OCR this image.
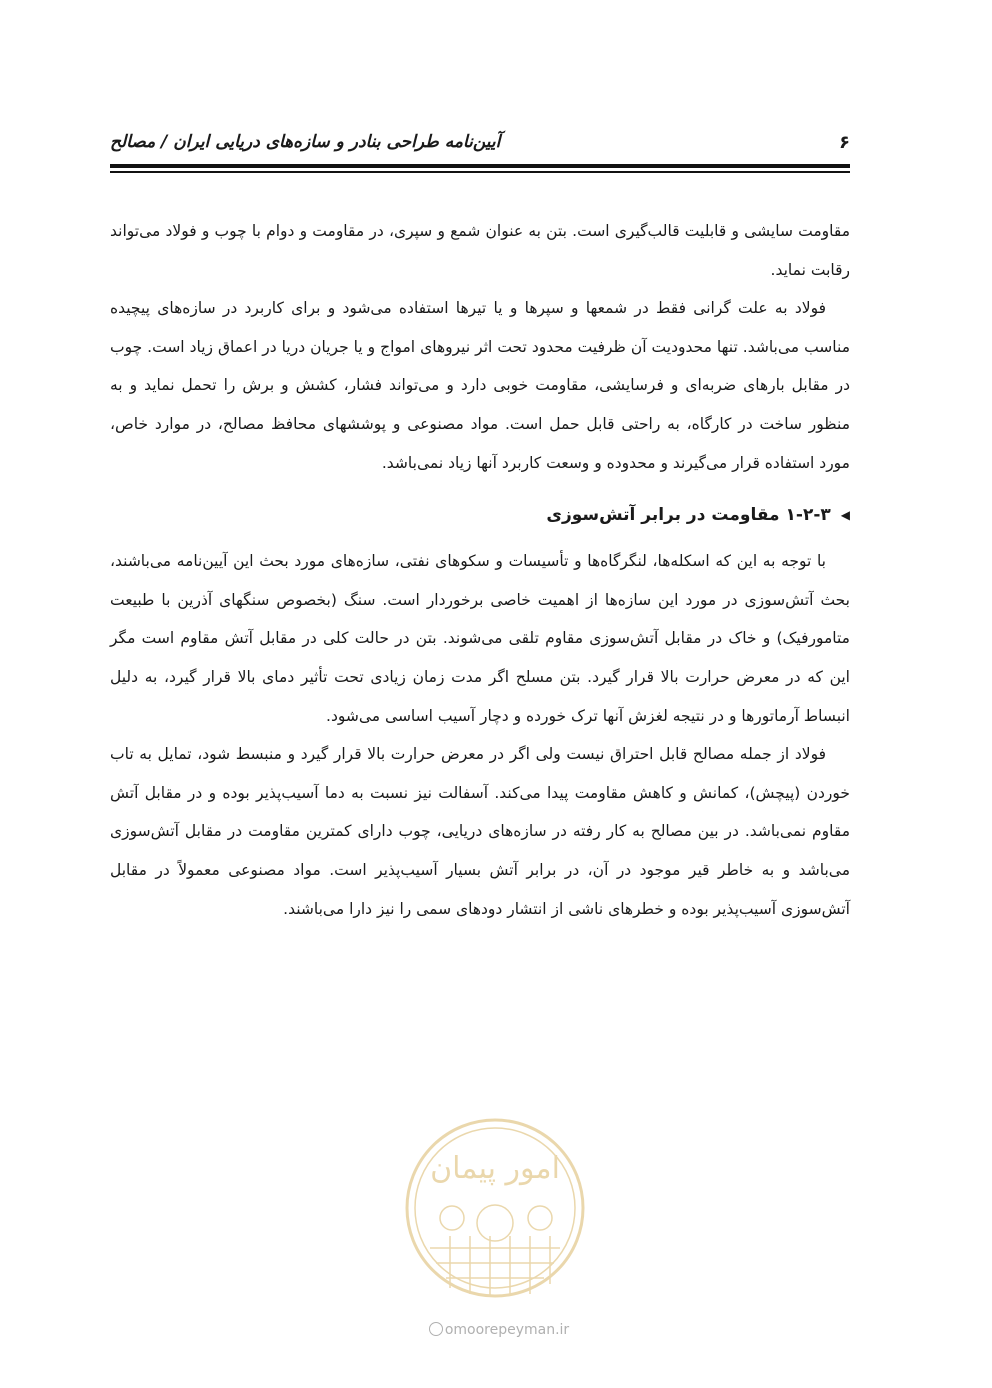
۶
آیین‌نامه طراحی بنادر و سازه‌های دریایی ایران / مصالح

مقاومت سایشی و قابلیت قالب‌گیری است. بتن به عنوان شمع و سپری، در مقاومت و دوام با چوب و فولاد می‌تواند رقابت نماید.

فولاد به علت گرانی فقط در شمعها و سپرها و یا تیرها استفاده می‌شود و برای کاربرد در سازه‌های پیچیده مناسب می‌باشد. تنها محدودیت آن ظرفیت محدود تحت اثر نیروهای امواج و یا جریان دریا در اعماق زیاد است. چوب در مقابل بارهای ضربه‌ای و فرسایشی، مقاومت خوبی دارد و می‌تواند فشار، کشش و برش را تحمل نماید و به منظور ساخت در کارگاه، به راحتی قابل حمل است. مواد مصنوعی و پوششهای محافظ مصالح، در موارد خاص، مورد استفاده قرار می‌گیرند و محدوده و وسعت کاربرد آنها زیاد نمی‌باشد.

◀
۱-۲-۳ مقاومت در برابر آتش‌سوزی

با توجه به این که اسکله‌ها، لنگرگاه‌ها و تأسیسات و سکوهای نفتی، سازه‌های مورد بحث این آیین‌نامه می‌باشند، بحث آتش‌سوزی در مورد این سازه‌ها از اهمیت خاصی برخوردار است. سنگ (بخصوص سنگهای آذرین با طبیعت متامورفیک) و خاک در مقابل آتش‌سوزی مقاوم تلقی می‌شوند. بتن در حالت کلی در مقابل آتش مقاوم است مگر این که در معرض حرارت بالا قرار گیرد. بتن مسلح اگر مدت زمان زیادی تحت تأثیر دمای بالا قرار گیرد، به دلیل انبساط آرماتورها و در نتیجه لغزش آنها ترک خورده و دچار آسیب اساسی می‌شود.

فولاد از جمله مصالح قابل احتراق نیست ولی اگر در معرض حرارت بالا قرار گیرد و منبسط شود، تمایل به تاب خوردن (پیچش)، کمانش و کاهش مقاومت پیدا می‌کند. آسفالت نیز نسبت به دما آسیب‌پذیر بوده و در مقابل آتش مقاوم نمی‌باشد. در بین مصالح به کار رفته در سازه‌های دریایی، چوب دارای کمترین مقاومت در مقابل آتش‌سوزی می‌باشد و به خاطر قیر موجود در آن، در برابر آتش بسیار آسیب‌پذیر است. مواد مصنوعی معمولاً در مقابل آتش‌سوزی آسیب‌پذیر بوده و خطرهای ناشی از انتشار دودهای سمی را نیز دارا می‌باشند.

امور پیمان
omoorepeyman.ir
